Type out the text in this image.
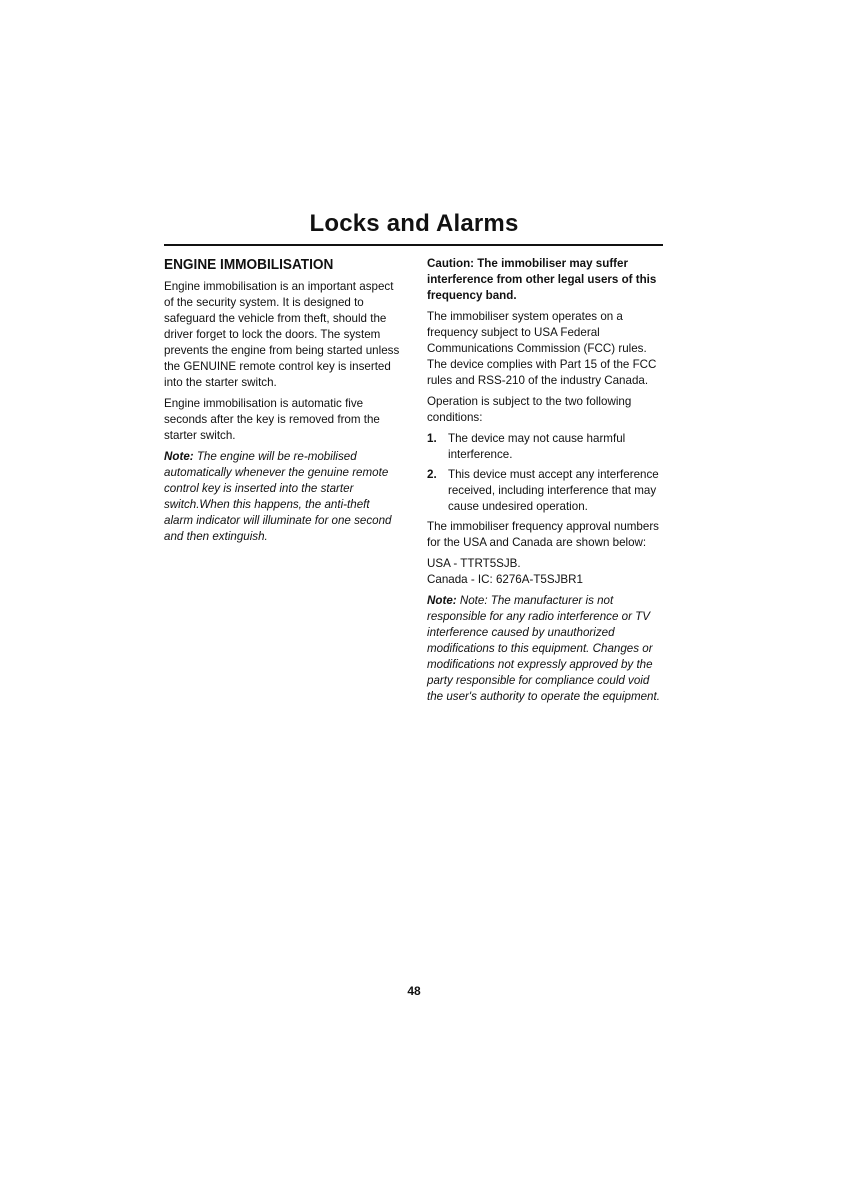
Locks and Alarms
ENGINE IMMOBILISATION

Engine immobilisation is an important aspect of the security system. It is designed to safeguard the vehicle from theft, should the driver forget to lock the doors. The system prevents the engine from being started unless the GENUINE remote control key is inserted into the starter switch.

Engine immobilisation is automatic five seconds after the key is removed from the starter switch.

Note: The engine will be re-mobilised automatically whenever the genuine remote control key is inserted into the starter switch.When this happens, the anti-theft alarm indicator will illuminate for one second and then extinguish.

Caution: The immobiliser may suffer interference from other legal users of this frequency band.

The immobiliser system operates on a frequency subject to USA Federal Communications Commission (FCC) rules. The device complies with Part 15 of the FCC rules and RSS-210 of the industry Canada.

Operation is subject to the two following conditions:

1. The device may not cause harmful interference.
2. This device must accept any interference received, including interference that may cause undesired operation.

The immobiliser frequency approval numbers for the USA and Canada are shown below:

USA - TTRT5SJB.

Canada - IC: 6276A-T5SJBR1

Note: Note: The manufacturer is not responsible for any radio interference or TV interference caused by unauthorized modifications to this equipment. Changes or modifications not expressly approved by the party responsible for compliance could void the user's authority to operate the equipment.

48
